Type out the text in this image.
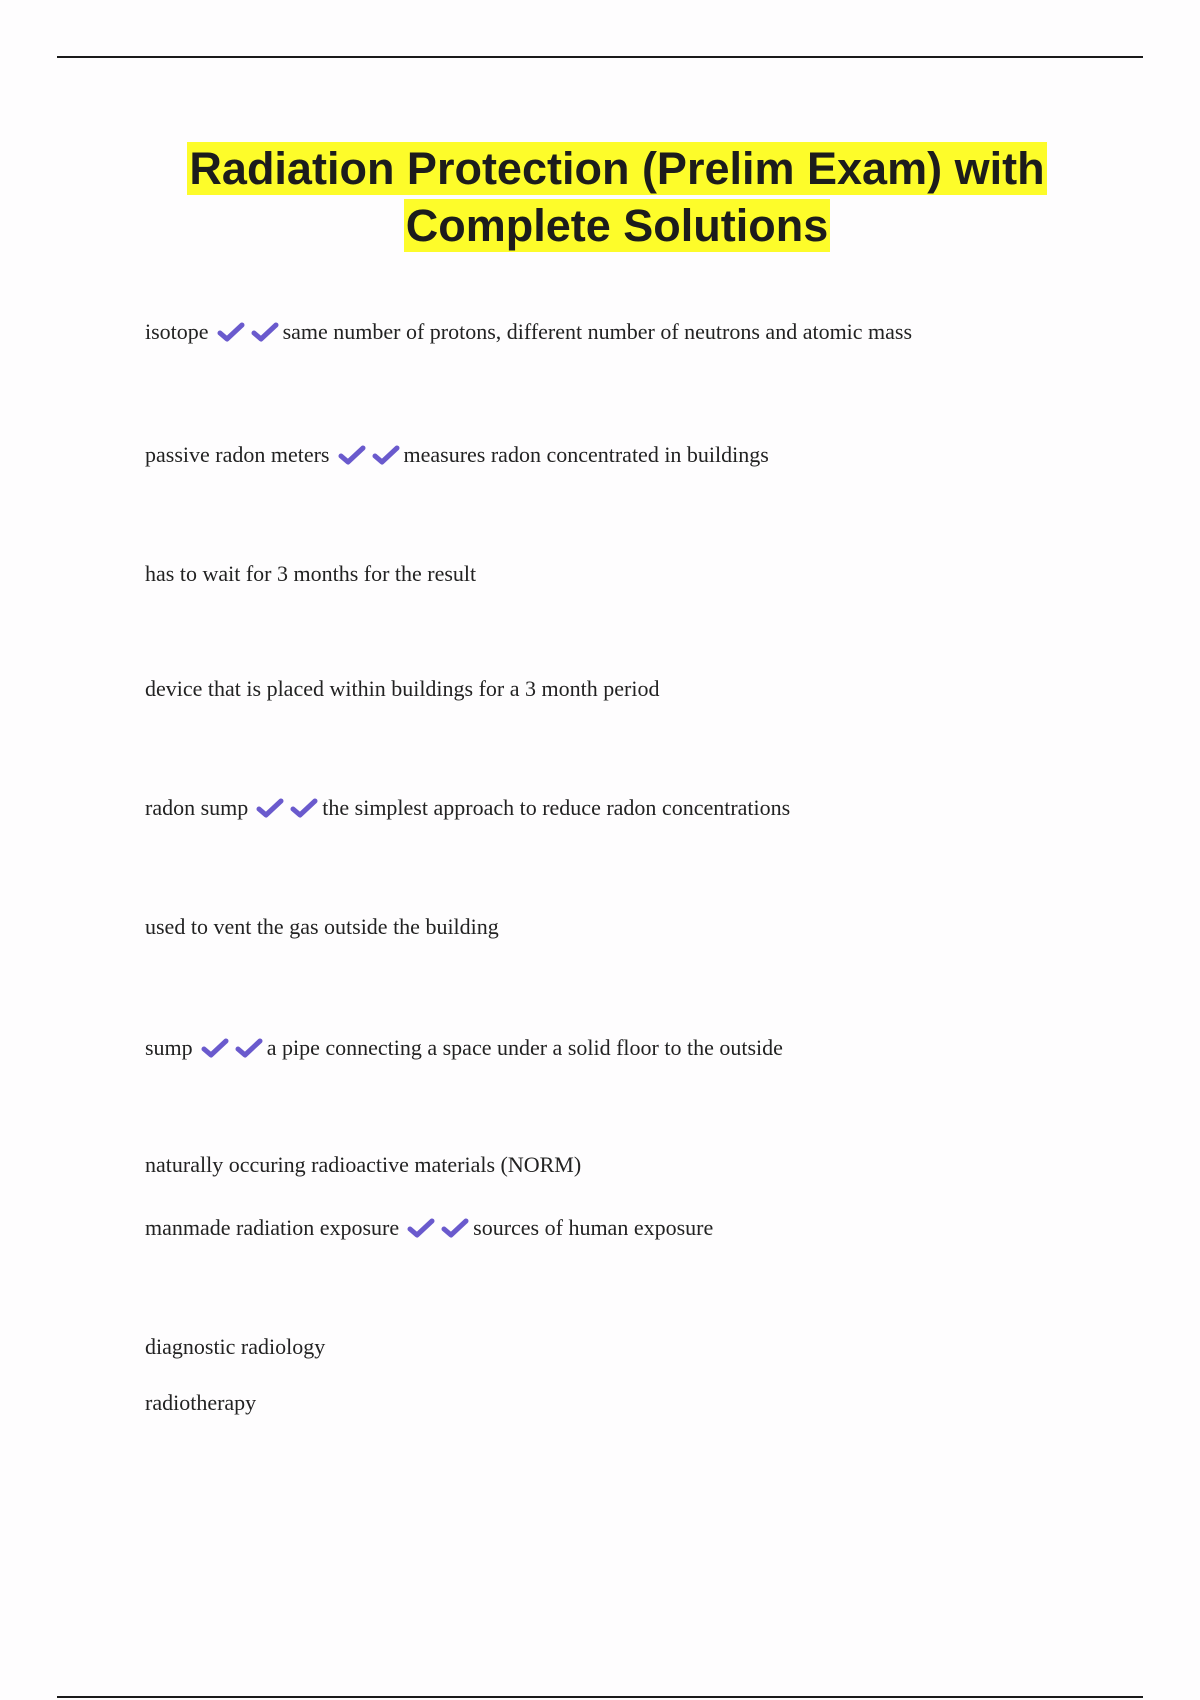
Radiation Protection (Prelim Exam) with
Complete Solutions

isotope	same number of protons, different number of neutrons and atomic mass

passive radon meters	measures radon concentrated in buildings

has to wait for 3 months for the result

device that is placed within buildings for a 3 month period

radon sump	the simplest approach to reduce radon concentrations

used to vent the gas outside the building

sump	a pipe connecting a space under a solid floor to the outside

naturally occuring radioactive materials (NORM)

manmade radiation exposure	sources of human exposure

diagnostic radiology

radiotherapy
